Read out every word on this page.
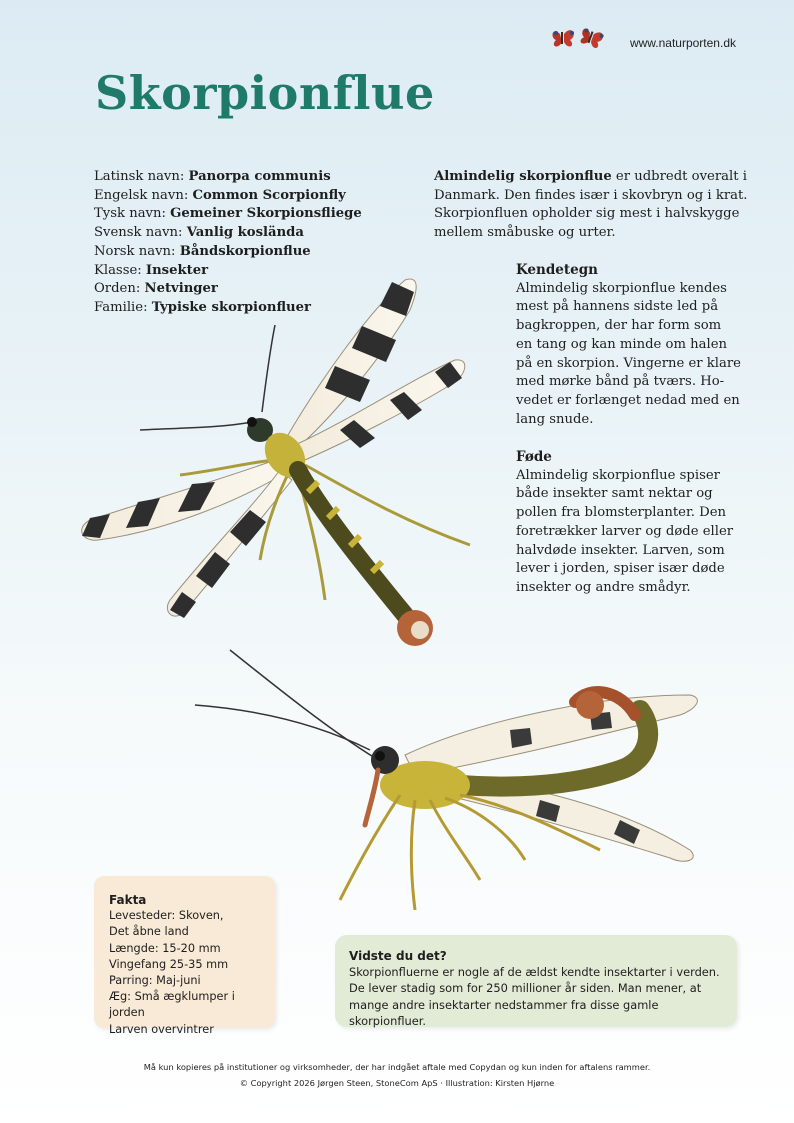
www.naturporten.dk
Skorpionflue
Latinsk navn: Panorpa communis
Engelsk navn: Common Scorpionfly
Tysk navn: Gemeiner Skorpionsfliege
Svensk navn: Vanlig koslända
Norsk navn: Båndskorpionflue
Klasse: Insekter
Orden: Netvinger
Familie: Typiske skorpionfluer
Almindelig skorpionflue er udbredt overalt i
Danmark. Den findes især i skovbryn og i krat.
Skorpionfluen opholder sig mest i halvskygge
mellem småbuske og urter.
Kendetegn
Almindelig skorpionflue kendes
mest på hannens sidste led på
bagkroppen, der har form som
en tang og kan minde om halen
på en skorpion. Vingerne er klare
med mørke bånd på tværs. Ho-
vedet er forlænget nedad med en
lang snude.
Føde
Almindelig skorpionflue spiser
både insekter samt nektar og
pollen fra blomsterplanter. Den
foretrækker larver og døde eller
halvdøde insekter. Larven, som
lever i jorden, spiser især døde
insekter og andre smådyr.
Fakta
Levesteder: Skoven,
Det åbne land
Længde: 15-20 mm
Vingefang 25-35 mm
Parring: Maj-juni
Æg: Små ægklumper i jorden
Larven overvintrer
Vidste du det?
Skorpionfluerne er nogle af de ældst kendte insektarter i verden.
De lever stadig som for 250 millioner år siden. Man mener, at
mange andre insektarter nedstammer fra disse gamle skorpionfluer.
Må kun kopieres på institutioner og virksomheder, der har indgået aftale med Copydan og kun inden for aftalens rammer.
© Copyright 2026 Jørgen Steen, StoneCom ApS · Illustration: Kirsten Hjørne
